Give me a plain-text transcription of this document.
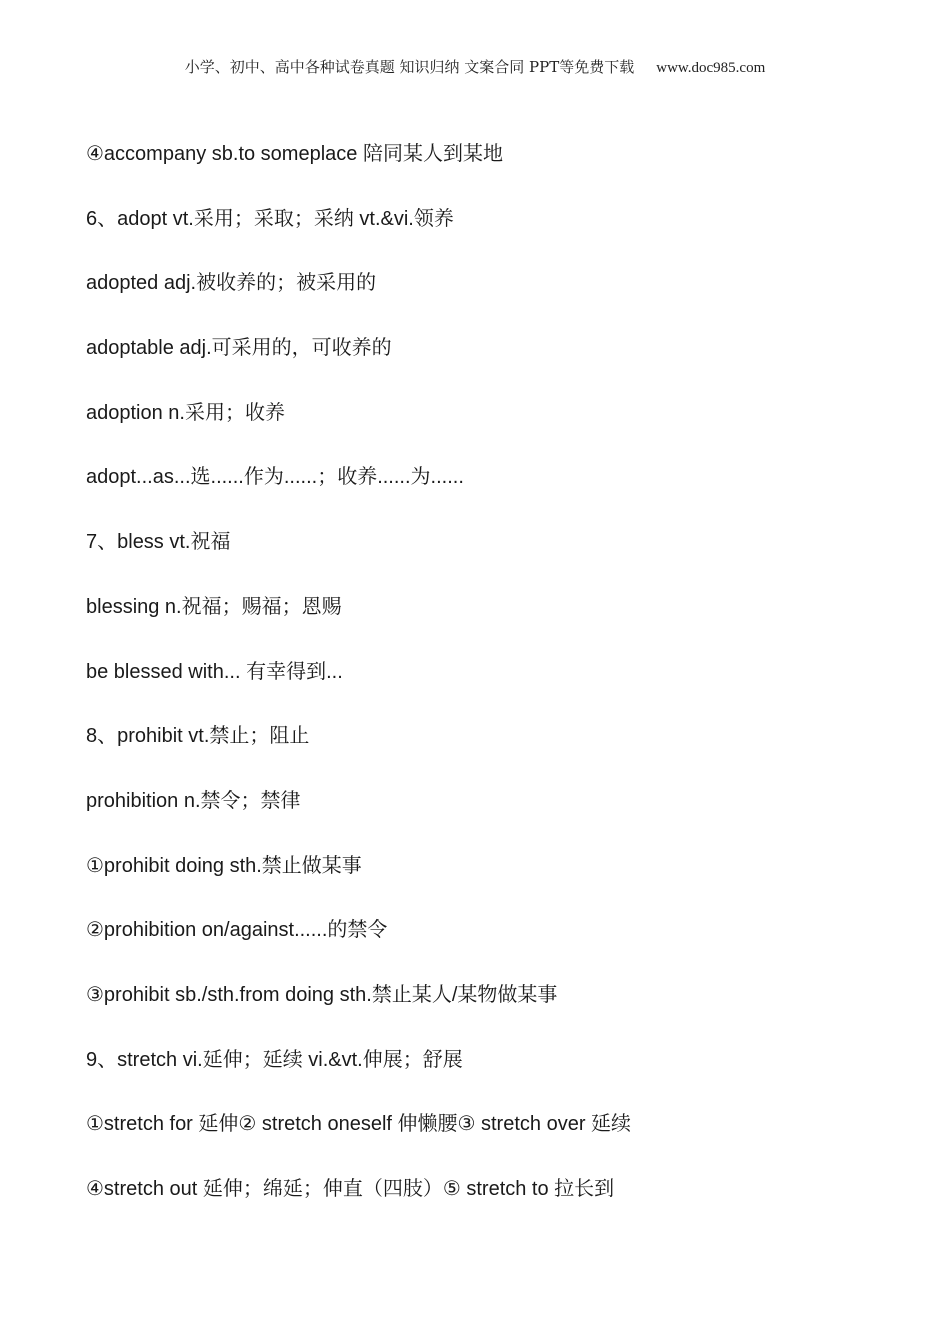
小学、初中、高中各种试卷真题 知识归纳 文案合同 PPT等免费下载 www.doc985.com
④accompany sb.to someplace 陪同某人到某地
6、adopt vt.采用；采取；采纳 vt.&vi.领养
adopted adj.被收养的；被采用的
adoptable adj.可采用的，可收养的
adoption n.采用；收养
adopt...as...选......作为......；收养......为......
7、bless vt.祝福
blessing n.祝福；赐福；恩赐
be blessed with... 有幸得到...
8、prohibit vt.禁止；阻止
prohibition n.禁令；禁律
①prohibit doing sth.禁止做某事
②prohibition on/against......的禁令
③prohibit sb./sth.from doing sth.禁止某人/某物做某事
9、stretch vi.延伸；延续 vi.&vt.伸展；舒展
①stretch for 延伸② stretch oneself 伸懒腰③ stretch over 延续
④stretch out 延伸；绵延；伸直（四肢）⑤ stretch to 拉长到
